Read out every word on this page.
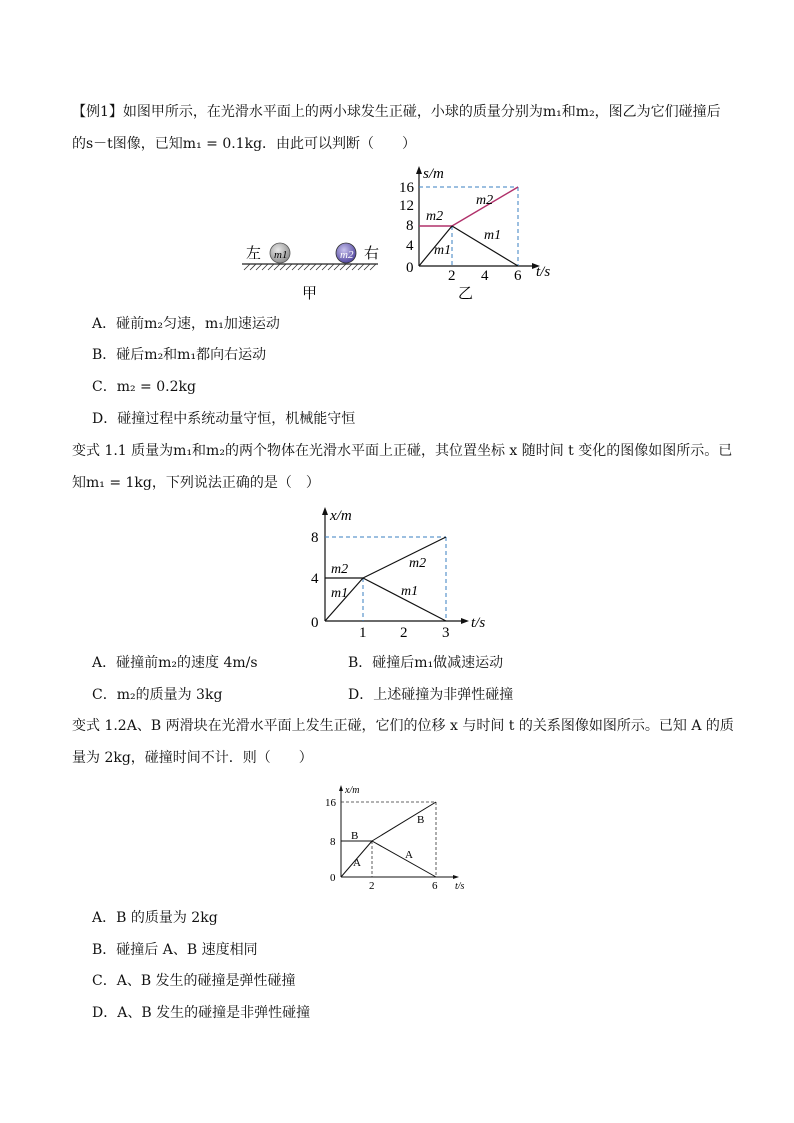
【例1】如图甲所示，在光滑水平面上的两小球发生正碰，小球的质量分别为m₁和m₂，图乙为它们碰撞后
的s－t图像，已知m₁ = 0.1kg．由此可以判断（　　）
左 m1	m2 右
甲
s/m
t/s
0
4
8
12
16
2 4 6
m2
m1
m2
m1
乙
A．碰前m₂匀速，m₁加速运动
B．碰后m₂和m₁都向右运动
C．m₂ = 0.2kg
D．碰撞过程中系统动量守恒，机械能守恒
变式 1.1 质量为m₁和m₂的两个物体在光滑水平面上正碰，其位置坐标 x 随时间 t 变化的图像如图所示。已
知m₁ = 1kg，下列说法正确的是（　）
x/m
t/s
0
4
8
1 2 3
m2
m1
m2
m1
A．碰撞前m₂的速度 4m/s	B．碰撞后m₁做减速运动
C．m₂的质量为 3kg	D．上述碰撞为非弹性碰撞
变式 1.2A、B 两滑块在光滑水平面上发生正碰，它们的位移 x 与时间 t 的关系图像如图所示。已知 A 的质
量为 2kg，碰撞时间不计．则（　　）
x/m
t/s
0
8
16
2	6
B
A
B
A
A．B 的质量为 2kg
B．碰撞后 A、B 速度相同
C．A、B 发生的碰撞是弹性碰撞
D．A、B 发生的碰撞是非弹性碰撞
